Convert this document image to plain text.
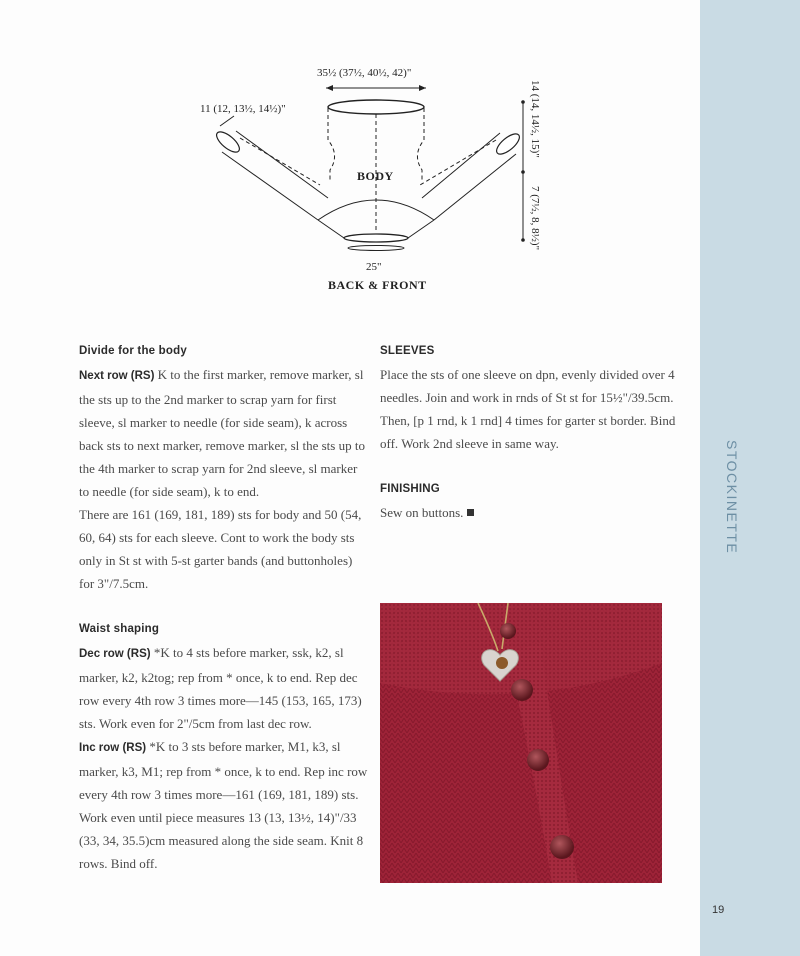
35½ (37½, 40½, 42)"
BODY
11 (12, 13½, 14½)"
25"
BACK & FRONT
14 (14, 14½, 15)"
7 (7½, 8, 8½)"

Divide for the body

Next row (RS) K to the first marker, remove marker, sl the sts up to the 2nd marker to scrap yarn for first sleeve, sl marker to needle (for side seam), k across back sts to next marker, remove marker, sl the sts up to the 4th marker to scrap yarn for 2nd sleeve, sl marker to needle (for side seam), k to end.

There are 161 (169, 181, 189) sts for body and 50 (54, 60, 64) sts for each sleeve. Cont to work the body sts only in St st with 5-st garter bands (and buttonholes) for 3"/7.5cm.

Waist shaping

Dec row (RS) *K to 4 sts before marker, ssk, k2, sl marker, k2, k2tog; rep from * once, k to end. Rep dec row every 4th row 3 times more—145 (153, 165, 173) sts. Work even for 2"/5cm from last dec row.

Inc row (RS) *K to 3 sts before marker, M1, k3, sl marker, k3, M1; rep from * once, k to end. Rep inc row every 4th row 3 times more—161 (169, 181, 189) sts. Work even until piece measures 13 (13, 13½, 14)"/33 (33, 34, 35.5)cm measured along the side seam. Knit 8 rows. Bind off.

SLEEVES

Place the sts of one sleeve on dpn, evenly divided over 4 needles. Join and work in rnds of St st for 15½"/39.5cm. Then, [p 1 rnd, k 1 rnd] 4 times for garter st border. Bind off. Work 2nd sleeve in same way.

FINISHING

Sew on buttons.	STOCKINETTE
19
